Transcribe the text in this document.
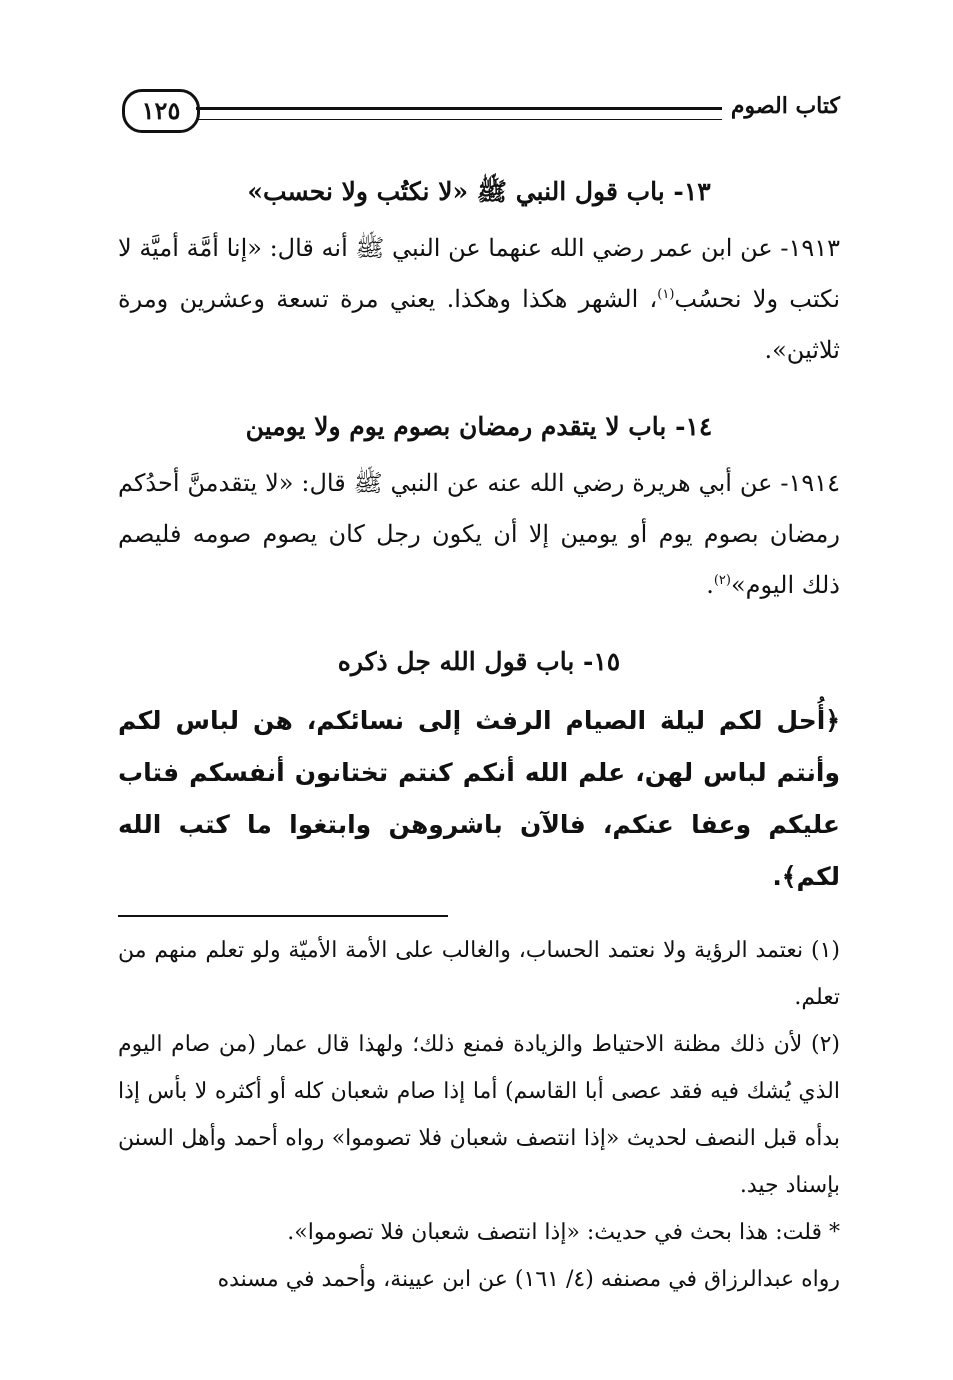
كتاب الصوم
١٢٥
١٣- باب قول النبي ﷺ «لا نكتُب ولا نحسب»

١٩١٣- عن ابن عمر رضي الله عنهما عن النبي ﷺ أنه قال: «إنا أمَّة أميَّة لا نكتب ولا نحسُب$^{(١)}$، الشهر هكذا وهكذا. يعني مرة تسعة وعشرين ومرة ثلاثين».

١٤- باب لا يتقدم رمضان بصوم يوم ولا يومين

١٩١٤- عن أبي هريرة رضي الله عنه عن النبي ﷺ قال: «لا يتقدمنَّ أحدُكم رمضان بصوم يوم أو يومين إلا أن يكون رجل كان يصوم صومه فليصم ذلك اليوم»$^{(٢)}$.

١٥- باب قول الله جل ذكره

﴿أُحل لكم ليلة الصيام الرفث إلى نسائكم، هن لباس لكم وأنتم لباس لهن، علم الله أنكم كنتم تختانون أنفسكم فتاب عليكم وعفا عنكم، فالآن باشروهن وابتغوا ما كتب الله لكم﴾.

(١) نعتمد الرؤية ولا نعتمد الحساب، والغالب على الأمة الأميّة ولو تعلم منهم من تعلم.

(٢) لأن ذلك مظنة الاحتياط والزيادة فمنع ذلك؛ ولهذا قال عمار (من صام اليوم الذي يُشك فيه فقد عصى أبا القاسم) أما إذا صام شعبان كله أو أكثره لا بأس إذا بدأه قبل النصف لحديث «إذا انتصف شعبان فلا تصوموا» رواه أحمد وأهل السنن بإسناد جيد.

* قلت: هذا بحث في حديث: «إذا انتصف شعبان فلا تصوموا».

رواه عبدالرزاق في مصنفه (٤/ ١٦١) عن ابن عيينة، وأحمد في مسنده
